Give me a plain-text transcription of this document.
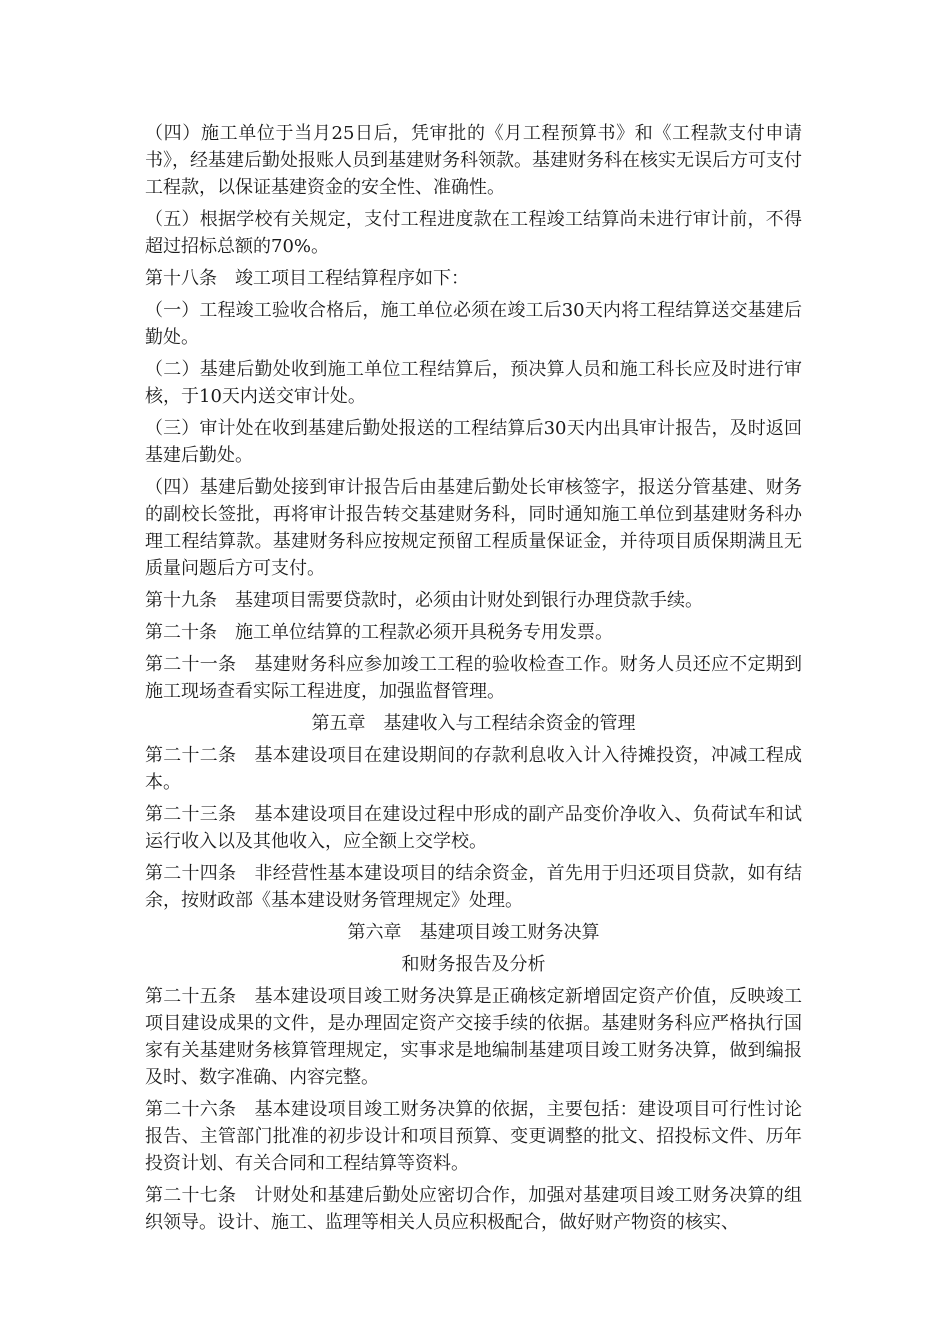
（四）施工单位于当月25日后，凭审批的《月工程预算书》和《工程款支付申请书》，经基建后勤处报账人员到基建财务科领款。基建财务科在核实无误后方可支付工程款，以保证基建资金的安全性、准确性。

（五）根据学校有关规定，支付工程进度款在工程竣工结算尚未进行审计前，不得超过招标总额的70%。

第十八条　竣工项目工程结算程序如下：

（一）工程竣工验收合格后，施工单位必须在竣工后30天内将工程结算送交基建后勤处。

（二）基建后勤处收到施工单位工程结算后，预决算人员和施工科长应及时进行审核，于10天内送交审计处。

（三）审计处在收到基建后勤处报送的工程结算后30天内出具审计报告，及时返回基建后勤处。

（四）基建后勤处接到审计报告后由基建后勤处长审核签字，报送分管基建、财务的副校长签批，再将审计报告转交基建财务科，同时通知施工单位到基建财务科办理工程结算款。基建财务科应按规定预留工程质量保证金，并待项目质保期满且无质量问题后方可支付。

第十九条　基建项目需要贷款时，必须由计财处到银行办理贷款手续。

第二十条　施工单位结算的工程款必须开具税务专用发票。

第二十一条　基建财务科应参加竣工工程的验收检查工作。财务人员还应不定期到施工现场查看实际工程进度，加强监督管理。

第五章　基建收入与工程结余资金的管理

第二十二条　基本建设项目在建设期间的存款利息收入计入待摊投资，冲减工程成本。

第二十三条　基本建设项目在建设过程中形成的副产品变价净收入、负荷试车和试运行收入以及其他收入，应全额上交学校。

第二十四条　非经营性基本建设项目的结余资金，首先用于归还项目贷款，如有结余，按财政部《基本建设财务管理规定》处理。

第六章　基建项目竣工财务决算

和财务报告及分析

第二十五条　基本建设项目竣工财务决算是正确核定新增固定资产价值，反映竣工项目建设成果的文件，是办理固定资产交接手续的依据。基建财务科应严格执行国家有关基建财务核算管理规定，实事求是地编制基建项目竣工财务决算，做到编报及时、数字准确、内容完整。

第二十六条　基本建设项目竣工财务决算的依据，主要包括：建设项目可行性讨论报告、主管部门批准的初步设计和项目预算、变更调整的批文、招投标文件、历年投资计划、有关合同和工程结算等资料。

第二十七条　计财处和基建后勤处应密切合作，加强对基建项目竣工财务决算的组织领导。设计、施工、监理等相关人员应积极配合，做好财产物资的核实、
